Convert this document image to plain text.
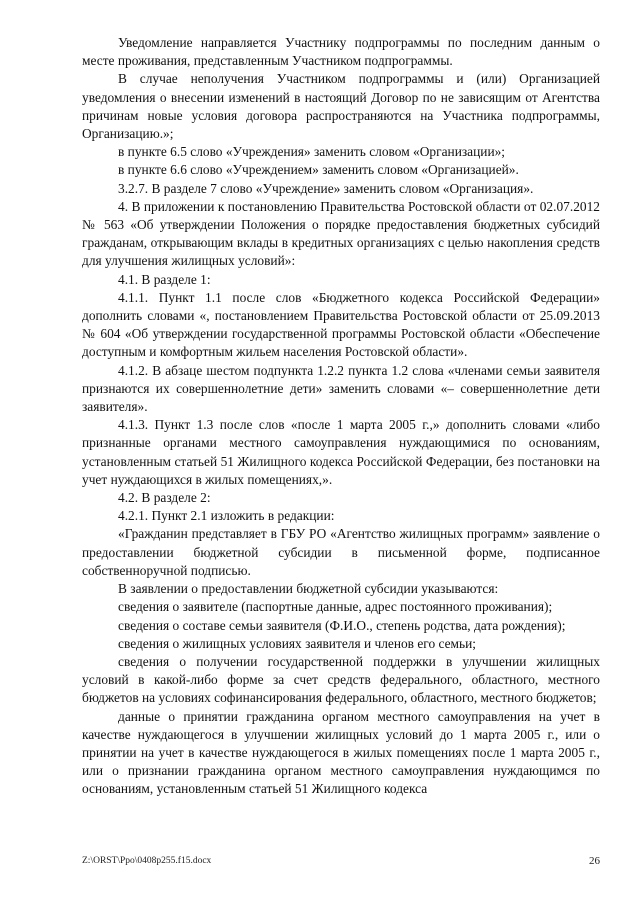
Уведомление направляется Участнику подпрограммы по последним данным о месте проживания, представленным Участником подпрограммы.

В случае неполучения Участником подпрограммы и (или) Организацией уведомления о внесении изменений в настоящий Договор по не зависящим от Агентства причинам новые условия договора распространяются на Участника подпрограммы, Организацию.»;

в пункте 6.5 слово «Учреждения» заменить словом «Организации»;

в пункте 6.6 слово «Учреждением» заменить словом «Организацией».

3.2.7. В разделе 7 слово «Учреждение» заменить словом «Организация».

4. В приложении к постановлению Правительства Ростовской области от 02.07.2012 № 563 «Об утверждении Положения о порядке предоставления бюджетных субсидий гражданам, открывающим вклады в кредитных организациях с целью накопления средств для улучшения жилищных условий»:

4.1. В разделе 1:

4.1.1. Пункт 1.1 после слов «Бюджетного кодекса Российской Федерации» дополнить словами «, постановлением Правительства Ростовской области от 25.09.2013 № 604 «Об утверждении государственной программы Ростовской области «Обеспечение доступным и комфортным жильем населения Ростовской области».

4.1.2. В абзаце шестом подпункта 1.2.2 пункта 1.2 слова «членами семьи заявителя признаются их совершеннолетние дети» заменить словами «– совершеннолетние дети заявителя».

4.1.3. Пункт 1.3 после слов «после 1 марта 2005 г.,» дополнить словами «либо признанные органами местного самоуправления нуждающимися по основаниям, установленным статьей 51 Жилищного кодекса Российской Федерации, без постановки на учет нуждающихся в жилых помещениях,».

4.2. В разделе 2:

4.2.1. Пункт 2.1 изложить в редакции:

«Гражданин представляет в ГБУ РО «Агентство жилищных программ» заявление о предоставлении бюджетной субсидии в письменной форме, подписанное собственноручной подписью.

В заявлении о предоставлении бюджетной субсидии указываются:

сведения о заявителе (паспортные данные, адрес постоянного проживания);

сведения о составе семьи заявителя (Ф.И.О., степень родства, дата рождения);

сведения о жилищных условиях заявителя и членов его семьи;

сведения о получении государственной поддержки в улучшении жилищных условий в какой-либо форме за счет средств федерального, областного, местного бюджетов на условиях софинансирования федерального, областного, местного бюджетов;

данные о принятии гражданина органом местного самоуправления на учет в качестве нуждающегося в улучшении жилищных условий до 1 марта 2005 г., или о принятии на учет в качестве нуждающегося в жилых помещениях после 1 марта 2005 г., или о признании гражданина органом местного самоуправления нуждающимся по основаниям, установленным статьей 51 Жилищного кодекса

Z:\ORST\Ppo\0408p255.f15.docx	26
